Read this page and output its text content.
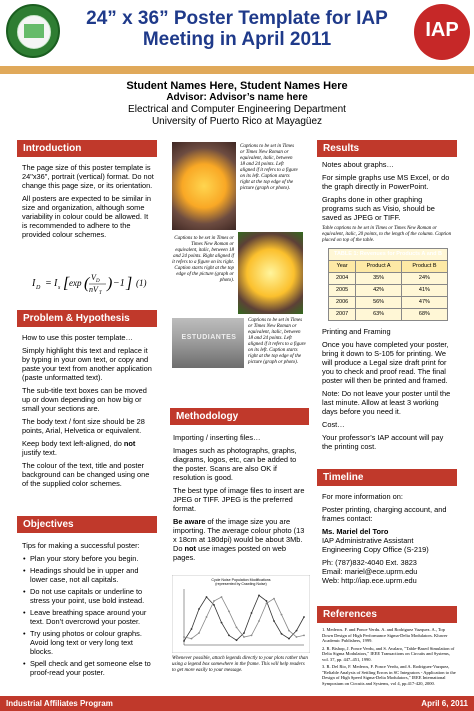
24” x 36” Poster Template for IAP
Meeting in April 2011	IAP
Student Names Here, Student Names Here
Advisor: Advisor’s name here
Electrical and Computer Engineering Department
University of Puerto Rico at Mayagüez
Introduction

The page size of this poster template is 24"x36", portrait (vertical) format. Do not change this page size, or its orientation.

All posters are expected to be similar in size and organization, although some variability in colour could be allowed. It is recommended to adhere to the provided colour schemes.

I D = I s [ exp ( V D
nV T
) −1 ] (1)
Problem & Hypothesis

How to use this poster template…

Simply highlight this text and replace it by typing in your own text, or copy and paste your text from another application (paste unformatted text).

The sub-title text boxes can be moved up or down depending on how big or small your sections are.

The body text / font size should be 28 points, Arial, Helvetica or equivalent.

Keep body text left-aligned, do not justify text.

The colour of the text, title and poster background can be changed using one of the supplied color schemes.

Objectives

Tips for making a successful poster:

• Plan your story before you begin.
• Headings should be in upper and lower case, not all capitals.
• Do not use capitals or underline to stress your point, use bold instead.
• Leave breathing space around your text. Don’t overcrowd your poster.
• Try using photos or colour graphs. Avoid long text or very long text blocks.
• Spell check and get someone else to proof-read your poster.
Captions to be set in Times or Times New Roman or equivalent, italic, between 18 and 24 points. Left aligned if it refers to a figure on its left. Caption starts right at the top edge of the picture (graph or photo).
Captions to be set in Times or Times New Roman or equivalent, italic, between 18 and 24 points. Right aligned if it refers to a figure on its right. Caption starts right at the top edge of the picture (graph or photo).
ESTUDIANTES
Captions to be set in Times or Times New Roman or equivalent, italic, between 18 and 24 points. Left aligned if it refers to a figure on its left. Caption starts right at the top edge of the picture (graph or photo).
Methodology

Importing / inserting files…

Images such as photographs, graphs, diagrams, logos, etc, can be added to the poster. Scans are also OK if resolution is good.

The best type of image files to insert are JPEG or TIFF. JPEG is the preferred format.

Be aware of the image size you are importing. The average colour photo (13 x 18cm at 180dpi) would be about 3Mb. Do not use images posted on web pages.

Cycle Noise Population Modifications
(represented by Crawling Noise)
Whenever possible, attach legends directly to your plots rather than using a legend box somewhere in the frame. This will help readers to get more easily to your message.
Results

Notes about graphs…

For simple graphs use MS Excel, or do the graph directly in PowerPoint.

Graphs done in other graphing programs such as Visio, should be saved as JPEG or TIFF.

Table captions to be set in Times or Times New Roman or equivalent, italic, 20 points, to the length of the column. Caption placed on top of the table.

TABLE 1: Revenues for Products A and B		
Year	Product A	Product B
2004	35%	24%
2005	42%	41%
2006	56%	47%
2007	63%	68%

Printing and Framing

Once you have completed your poster, bring it down to S-105 for printing. We will produce a Legal size draft print for you to check and proof read. The final poster will then be printed and framed.

Note: Do not leave your poster until the last minute. Allow at least 3 working days before you need it.

Cost…

Your professor’s IAP account will pay the printing cost.

Timeline

For more information on:

Poster printing, charging account, and frames contact:

Ms. Mariel del Toro
IAP Administrative Assistant
Engineering Copy Office (S-219)
Ph: (787)832-4040 Ext. 3823
Email: mariel@ece.uprm.edu
Web: http://iap.ece.uprm.edu
References

1. Mederos. F. and Ponce Verdu. A. and Rodriguez Vazquez. A., Top Down Design of High Performance Sigma-Delta Modulators. Kluwer Academic Publishers, 1999.

2. R. Bishop, J. Ponce Verdu, and S. Avalaro, "Table-Based Simulation of Delta Sigma Modulators," IEEE Transactions on Circuits and Systems, vol. 37, pp. 447–451, 1990.

3. R. Del Rio, F. Mederos, F. Ponce Verdu, and A. Rodriguez-Vazquez, "Reliable Analysis of Settling Errors in SC Integrators - Application to the Design of High Speed Sigma-Delta Modulators," IEEE International Symposium on Circuits and Systems, vol 4, pp.417-420, 2000.

Industrial Affiliates Program	April 6, 2011
